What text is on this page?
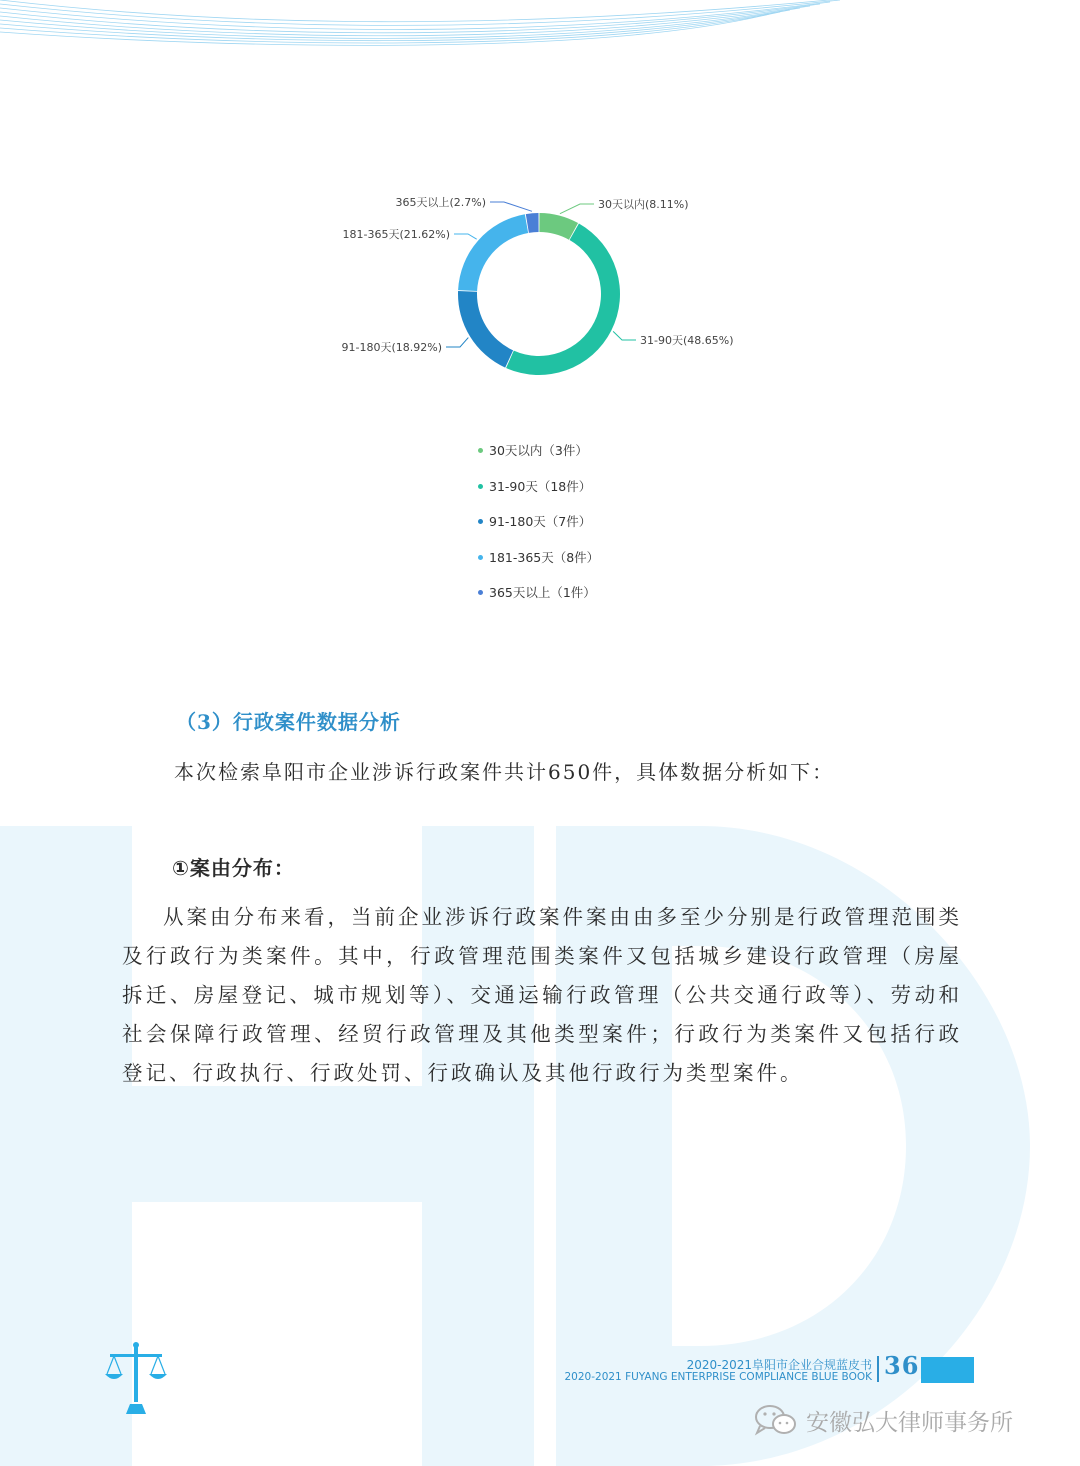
30天以内(8.11%)
31-90天(48.65%)
91-180天(18.92%)
181-365天(21.62%)
365天以上(2.7%)
30天以内（3件）
31-90天（18件）
91-180天（7件）
181-365天（8件）
365天以上（1件）
（3）行政案件数据分析
本次检索阜阳市企业涉诉行政案件共计650件，具体数据分析如下：
①案由分布：
从案由分布来看，当前企业涉诉行政案件案由由多至少分别是行政管理范围类及行政行为类案件。其中，行政管理范围类案件又包括城乡建设行政管理（房屋拆迁、房屋登记、城市规划等）、交通运输行政管理（公共交通行政等）、劳动和社会保障行政管理、经贸行政管理及其他类型案件；行政行为类案件又包括行政登记、行政执行、行政处罚、行政确认及其他行政行为类型案件。
2020-2021阜阳市企业合规蓝皮书
2020-2021 FUYANG ENTERPRISE COMPLIANCE BLUE BOOK 36
安徽弘大律师事务所
